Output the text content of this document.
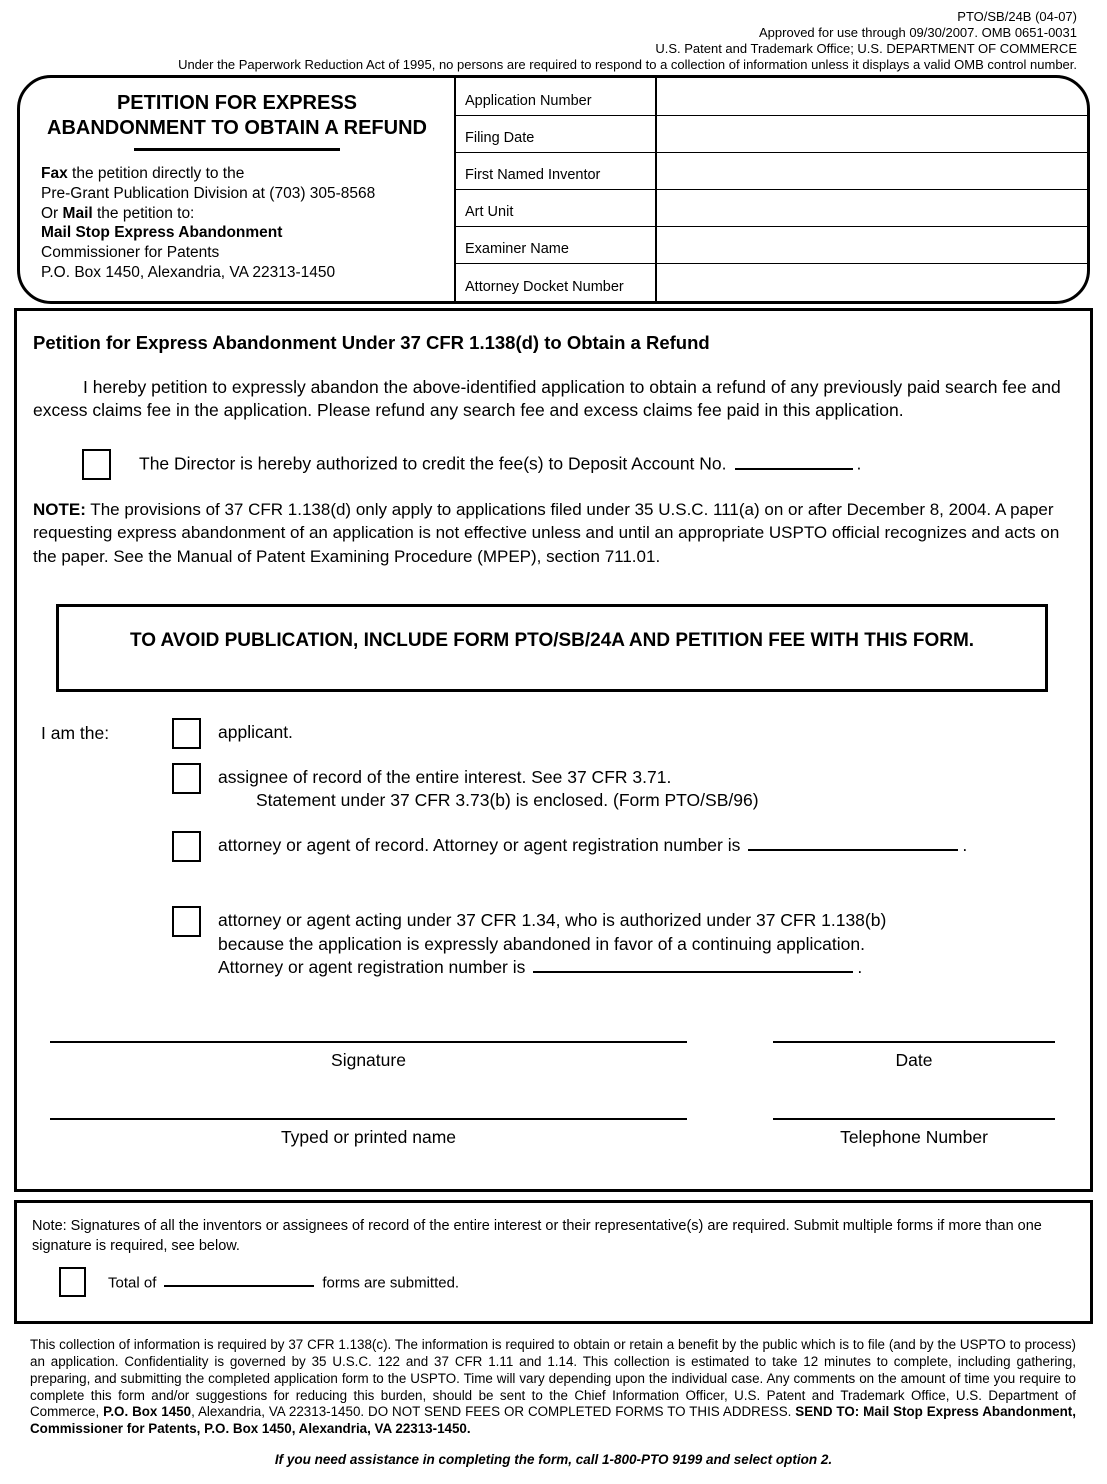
PTO/SB/24B (04-07)
Approved for use through 09/30/2007. OMB 0651-0031
U.S. Patent and Trademark Office; U.S. DEPARTMENT OF COMMERCE
Under the Paperwork Reduction Act of 1995, no persons are required to respond to a collection of information unless it displays a valid OMB control number.
PETITION FOR EXPRESS
ABANDONMENT TO OBTAIN A REFUND
Fax the petition directly to the
Pre-Grant Publication Division at (703) 305-8568
Or Mail the petition to:
Mail Stop Express Abandonment
Commissioner for Patents
P.O. Box 1450, Alexandria, VA 22313-1450
Application Number
Filing Date
First Named Inventor
Art Unit
Examiner Name
Attorney Docket Number
Petition for Express Abandonment Under 37 CFR 1.138(d) to Obtain a Refund

I hereby petition to expressly abandon the above-identified application to obtain a refund of any previously paid search fee and excess claims fee in the application. Please refund any search fee and excess claims fee paid in this application.

The Director is hereby authorized to credit the fee(s) to Deposit Account No.	.

NOTE: The provisions of 37 CFR 1.138(d) only apply to applications filed under 35 U.S.C. 111(a) on or after December 8, 2004. A paper requesting express abandonment of an application is not effective unless and until an appropriate USPTO official recognizes and acts on the paper. See the Manual of Patent Examining Procedure (MPEP), section 711.01.

TO AVOID PUBLICATION, INCLUDE FORM PTO/SB/24A AND PETITION FEE WITH THIS FORM.
I am the:	applicant.
assignee of record of the entire interest. See 37 CFR 3.71.
Statement under 37 CFR 3.73(b) is enclosed. (Form PTO/SB/96)
attorney or agent of record. Attorney or agent registration number is	.
attorney or agent acting under 37 CFR 1.34, who is authorized under 37 CFR 1.138(b)
because the application is expressly abandoned in favor of a continuing application.
Attorney or agent registration number is	.
Signature	Date
Typed or printed name	Telephone Number
Note: Signatures of all the inventors or assignees of record of the entire interest or their representative(s) are required. Submit multiple forms if more than one signature is required, see below.
Total of	forms are submitted.

This collection of information is required by 37 CFR 1.138(c). The information is required to obtain or retain a benefit by the public which is to file (and by the USPTO to process) an application. Confidentiality is governed by 35 U.S.C. 122 and 37 CFR 1.11 and 1.14. This collection is estimated to take 12 minutes to complete, including gathering, preparing, and submitting the completed application form to the USPTO. Time will vary depending upon the individual case. Any comments on the amount of time you require to complete this form and/or suggestions for reducing this burden, should be sent to the Chief Information Officer, U.S. Patent and Trademark Office, U.S. Department of Commerce, P.O. Box 1450, Alexandria, VA 22313-1450. DO NOT SEND FEES OR COMPLETED FORMS TO THIS ADDRESS. SEND TO: Mail Stop Express Abandonment, Commissioner for Patents, P.O. Box 1450, Alexandria, VA 22313-1450.

If you need assistance in completing the form, call 1-800-PTO 9199 and select option 2.
